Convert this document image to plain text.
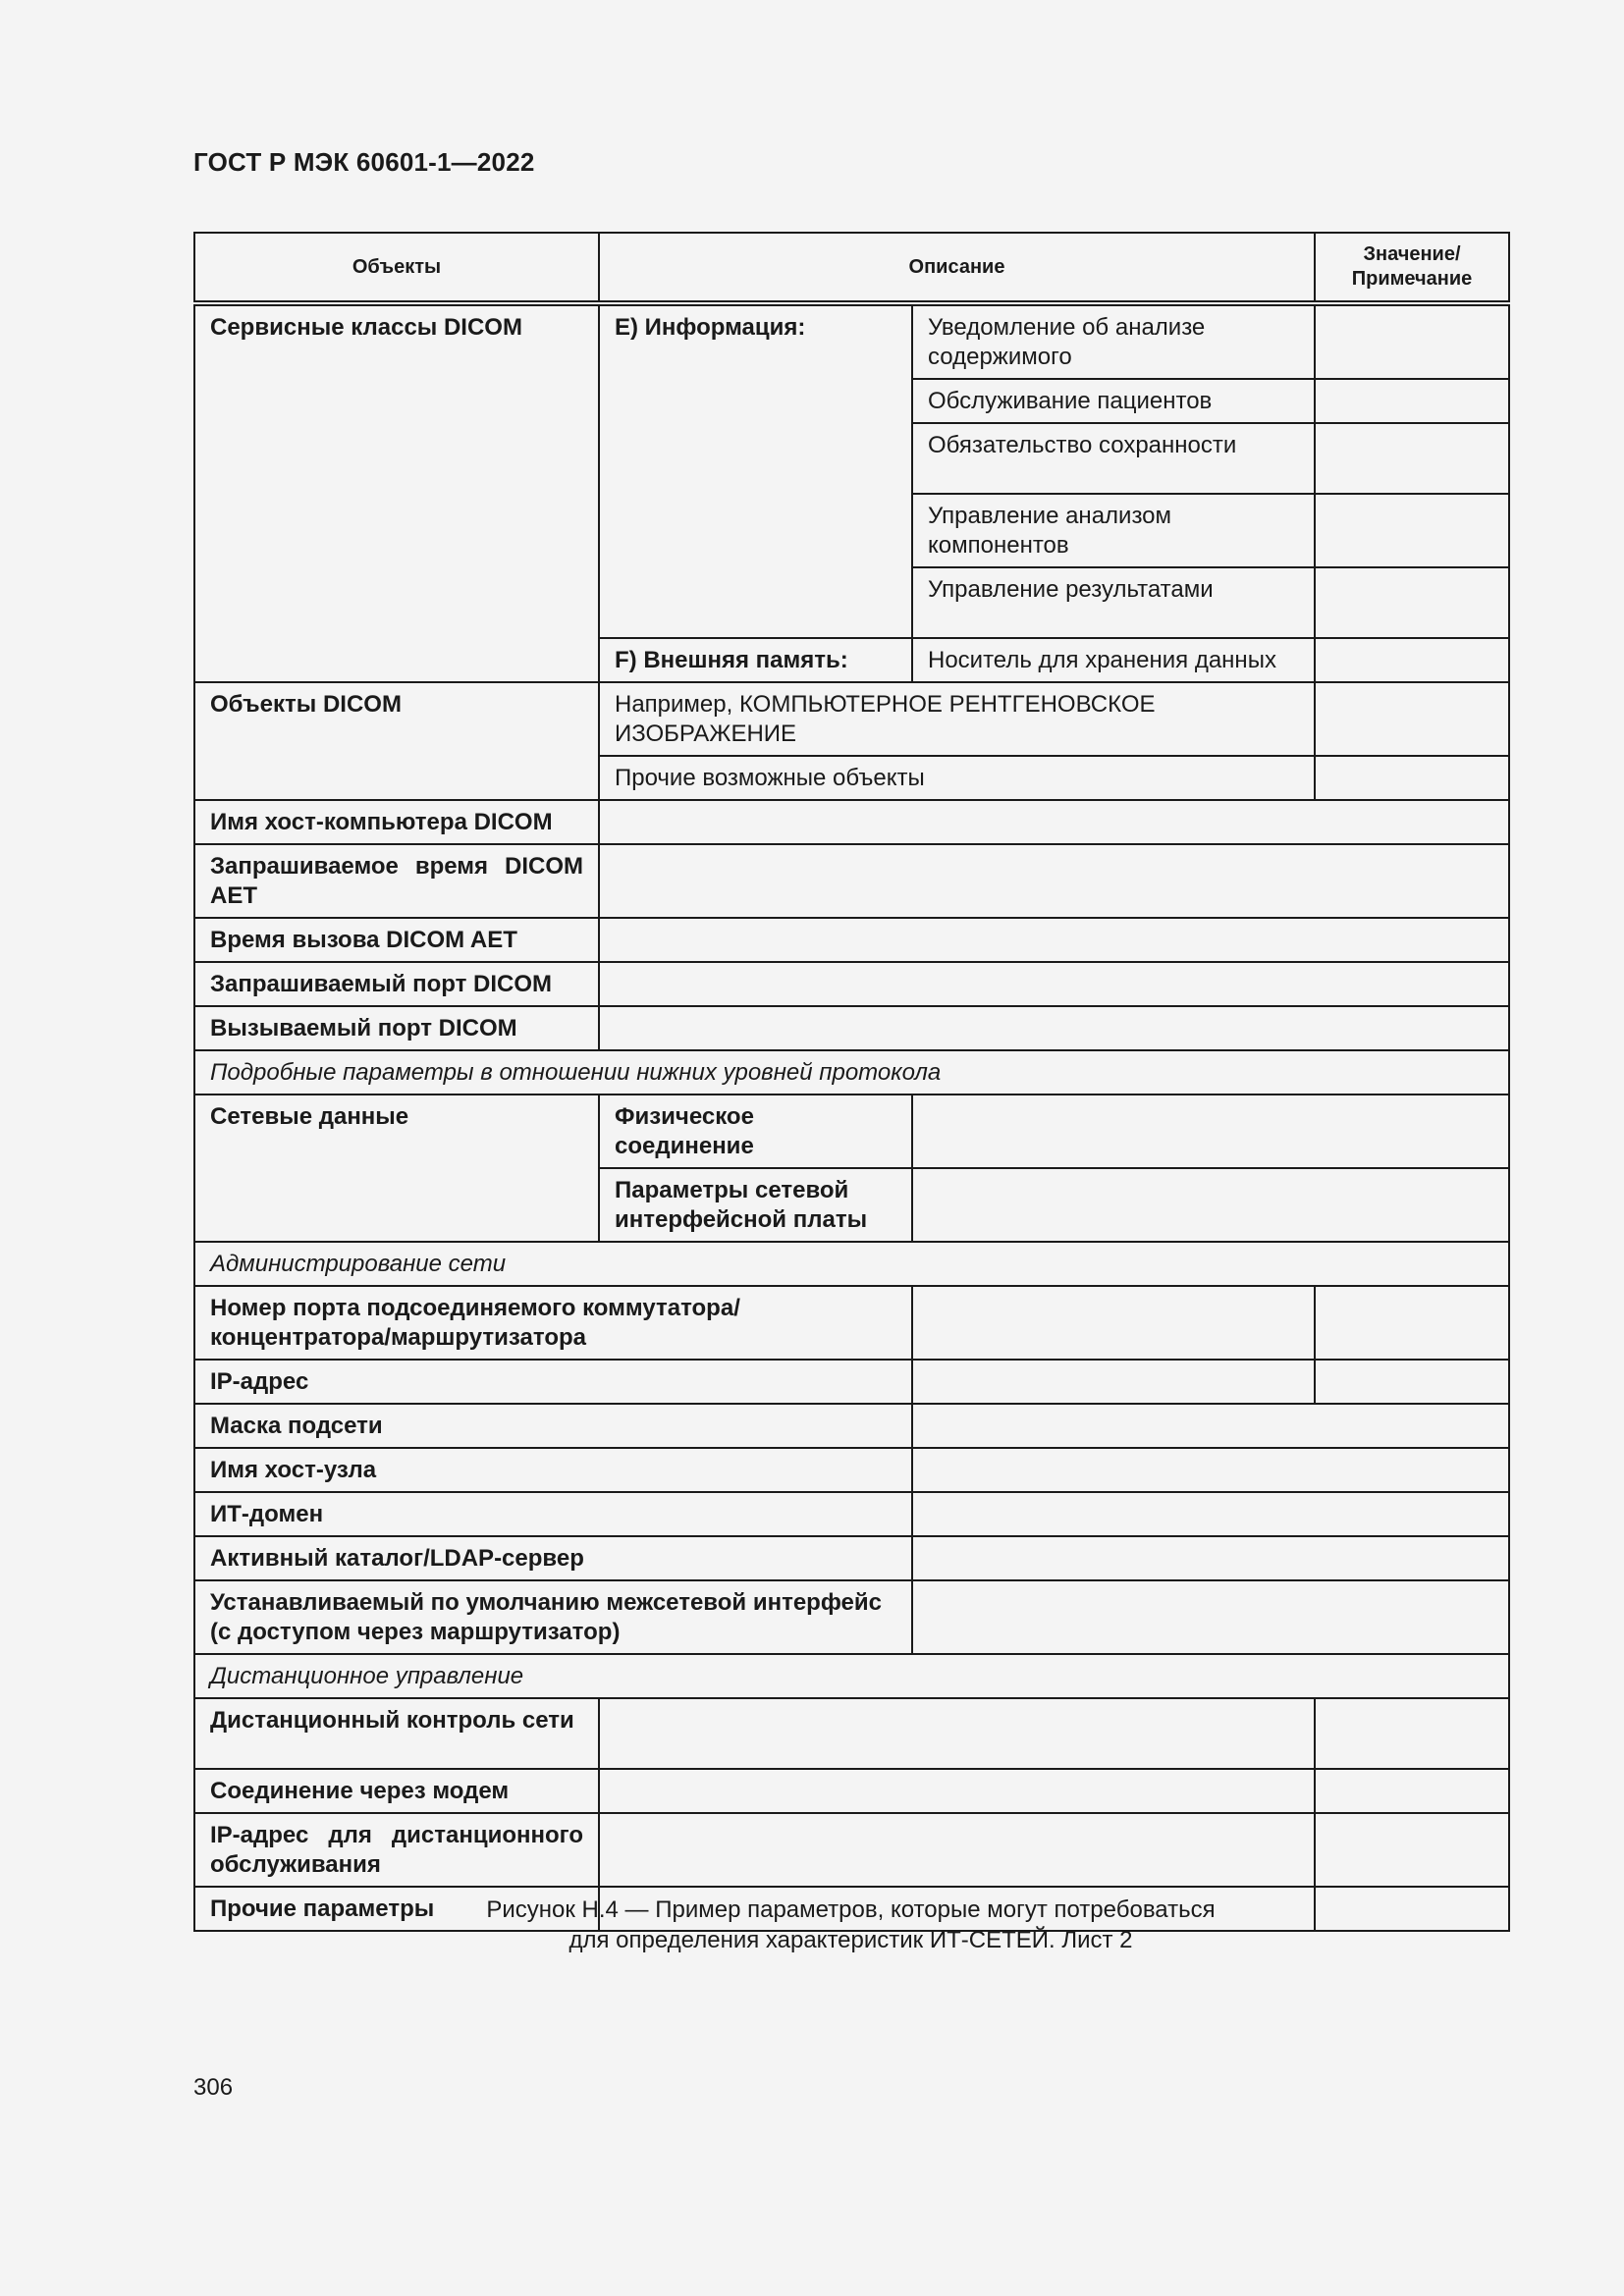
ГОСТ Р МЭК 60601-1—2022
Объекты	Описание		Значение/
Примечание
Сервисные классы DICOM	E) Информация:	Уведомление об анализе содержимого	
		Обслуживание пациентов	
		Обязательство сохранности	
		Управление анализом компонентов	
		Управление результатами	
	F) Внешняя память:	Носитель для хранения данных	
Объекты DICOM	Например, КОМПЬЮТЕРНОЕ РЕНТГЕНОВСКОЕ ИЗОБРАЖЕНИЕ		
	Прочие возможные объекты		
Имя хост-компьютера DICOM			

Запрашиваемое время DICOM AET			

Время вызова DICOM AET			
Запрашиваемый порт DICOM			
Вызываемый порт DICOM			
Подробные параметры в отношении нижних уровней протокола			
Сетевые данные	Физическое соединение		
	Параметры сетевой интерфейсной платы		
Администрирование сети			
Номер порта подсоединяемого коммутатора/ концентратора/маршрутизатора			
IP-адрес			
Маска подсети			
Имя хост-узла			
ИТ-домен			
Активный каталог/LDAP-сервер			
Устанавливаемый по умолчанию межсетевой интерфейс (с доступом через маршрутизатор)			
Дистанционное управление			
Дистанционный контроль сети			
Соединение через модем			

IP-адрес для дистанционного обслуживания			

Прочие параметры				Рисунок Н.4 — Пример параметров, которые могут потребоваться
для определения характеристик ИТ-СЕТЕЙ. Лист 2
306
